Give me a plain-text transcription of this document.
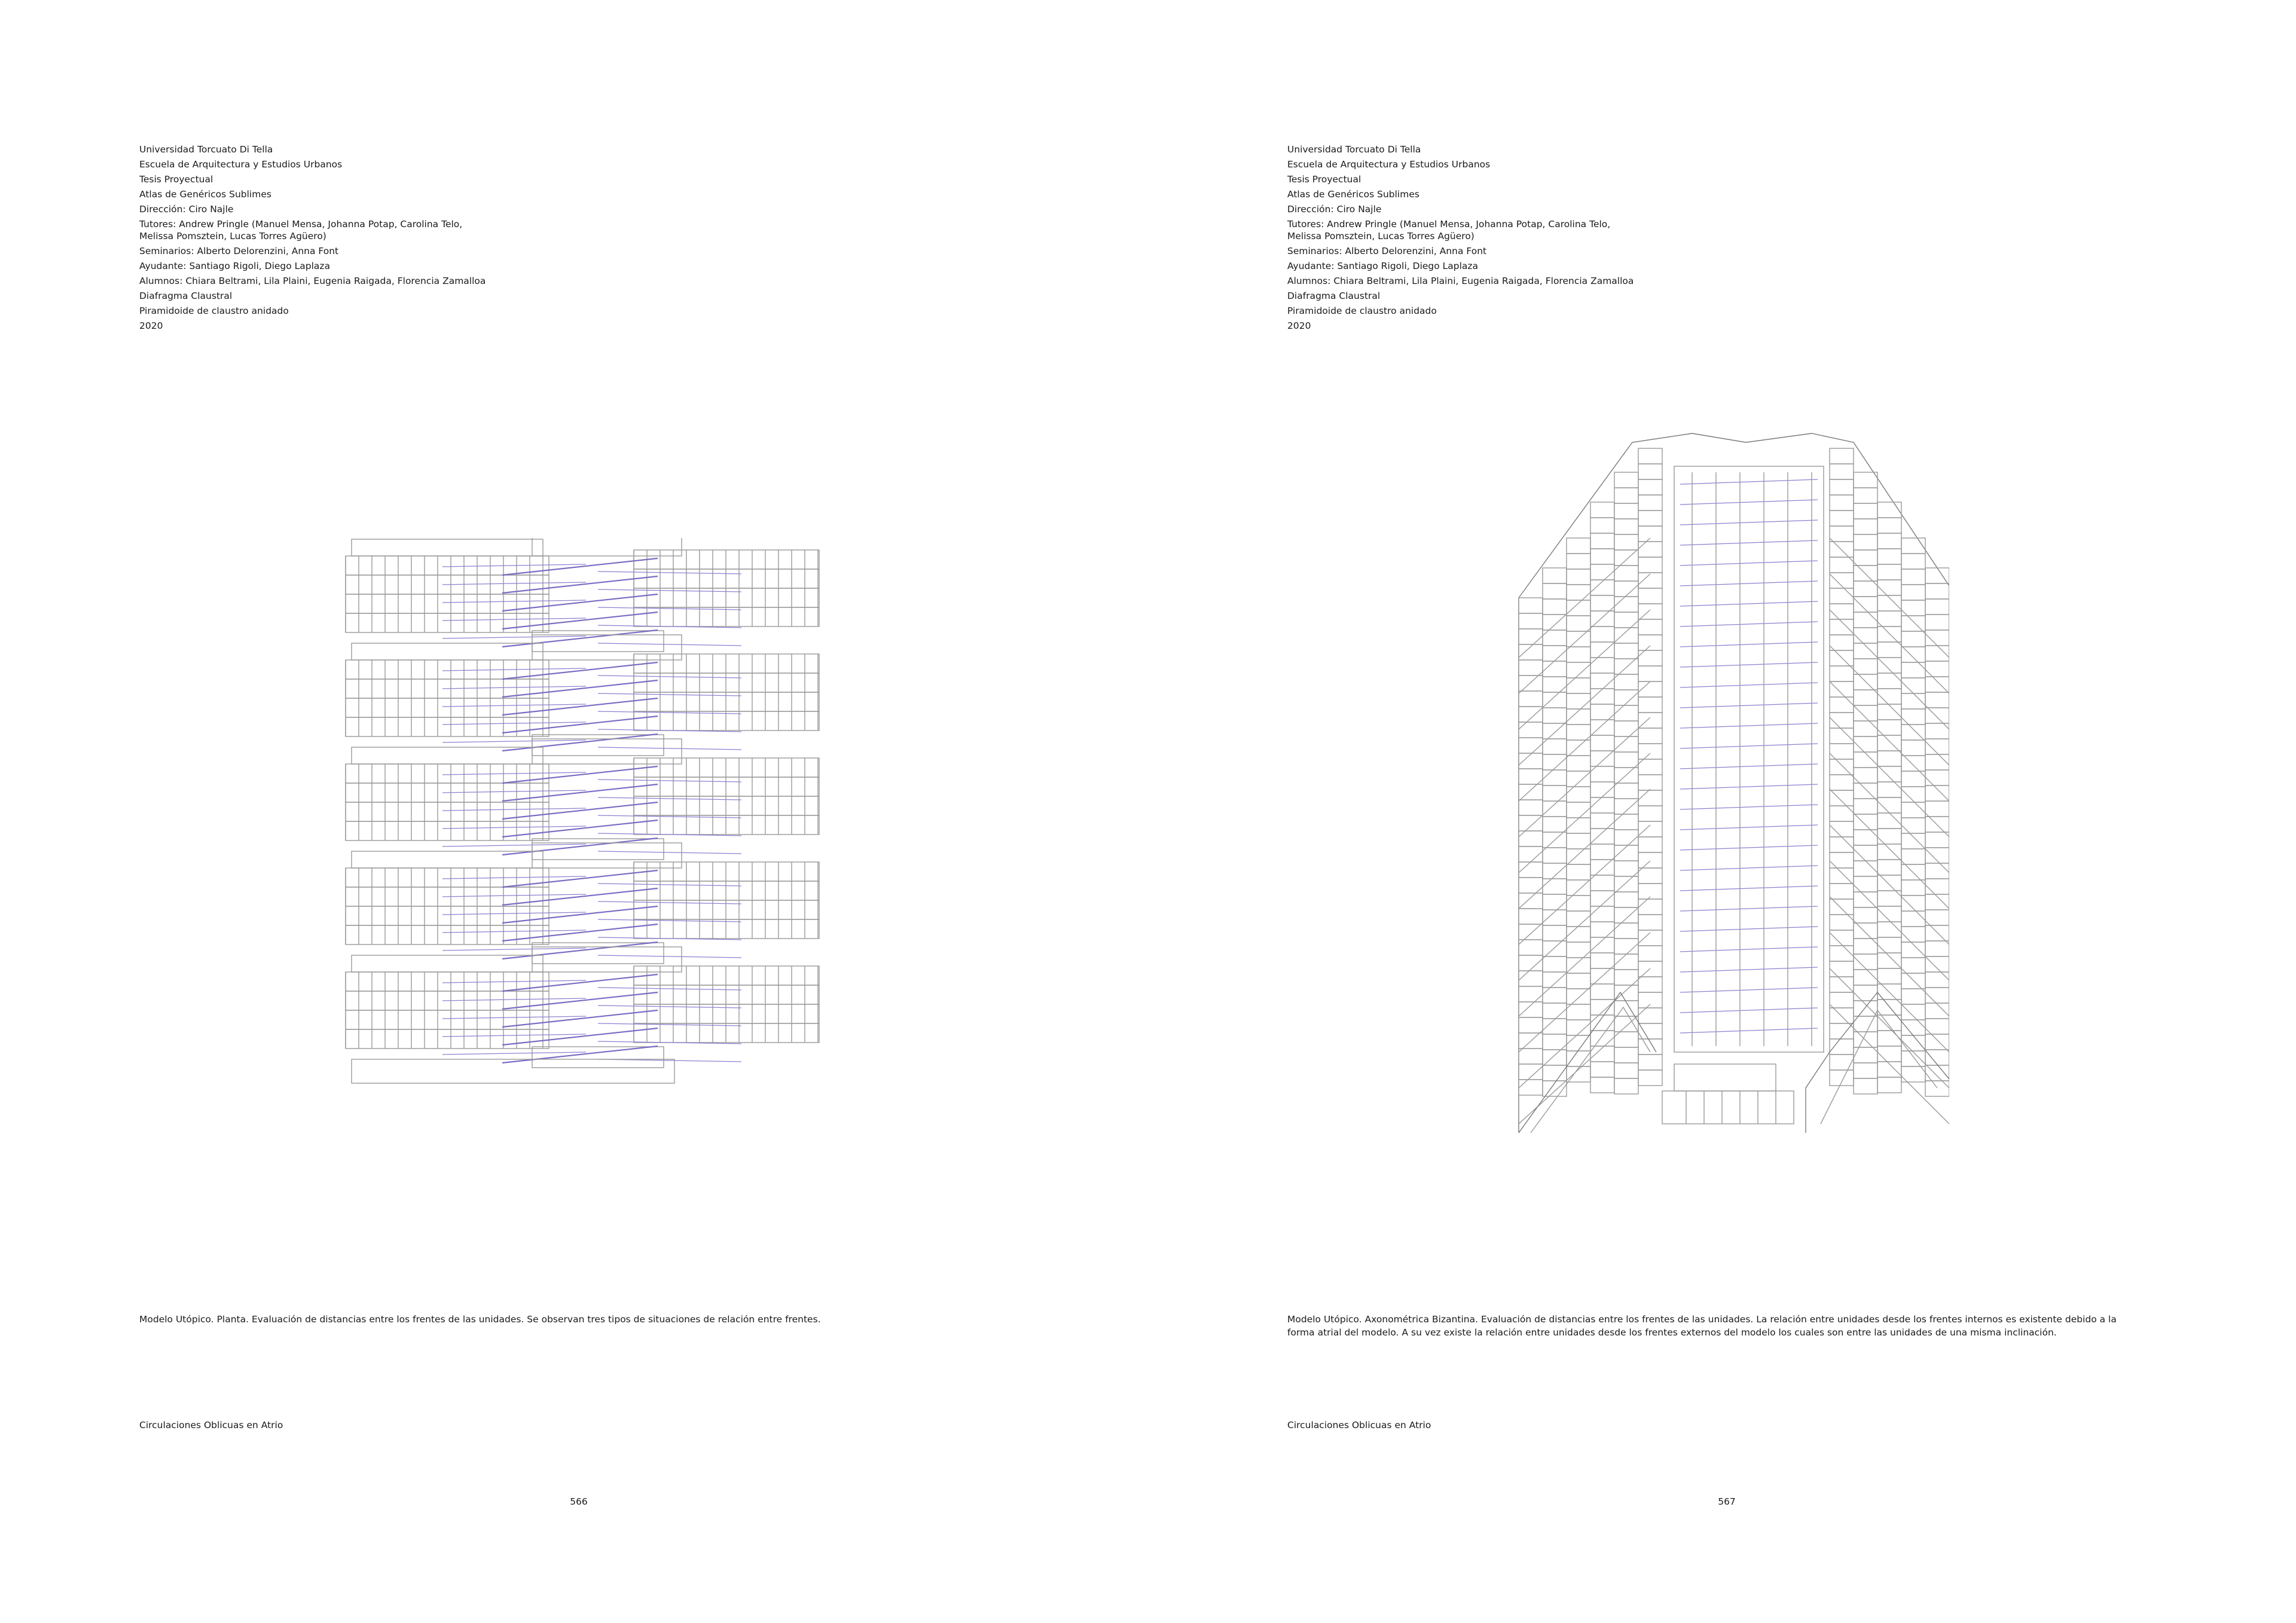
Universidad Torcuato Di Tella
Escuela de Arquitectura y Estudios Urbanos
Tesis Proyectual
Atlas de Genéricos Sublimes
Dirección: Ciro Najle
Tutores: Andrew Pringle (Manuel Mensa, Johanna Potap, Carolina Telo,
Melissa Pomsztein, Lucas Torres Agüero)
Seminarios: Alberto Delorenzini, Anna Font
Ayudante: Santiago Rigoli, Diego Laplaza
Alumnos: Chiara Beltrami, Lila Plaini, Eugenia Raigada, Florencia Zamalloa
Diafragma Claustral
Piramidoide de claustro anidado
2020
Modelo Utópico. Planta. Evaluación de distancias entre los frentes de las unidades. Se observan tres tipos de situaciones de relación entre frentes.
Circulaciones Oblicuas en Atrio
566
Universidad Torcuato Di Tella
Escuela de Arquitectura y Estudios Urbanos
Tesis Proyectual
Atlas de Genéricos Sublimes
Dirección: Ciro Najle
Tutores: Andrew Pringle (Manuel Mensa, Johanna Potap, Carolina Telo,
Melissa Pomsztein, Lucas Torres Agüero)
Seminarios: Alberto Delorenzini, Anna Font
Ayudante: Santiago Rigoli, Diego Laplaza
Alumnos: Chiara Beltrami, Lila Plaini, Eugenia Raigada, Florencia Zamalloa
Diafragma Claustral
Piramidoide de claustro anidado
2020
Modelo Utópico. Axonométrica Bizantina. Evaluación de distancias entre los frentes de las unidades. La relación entre unidades desde los frentes internos es existente debido a la forma atrial del modelo. A su vez existe la relación entre unidades desde los frentes externos del modelo los cuales son entre las unidades de una misma inclinación.
Circulaciones Oblicuas en Atrio
567
